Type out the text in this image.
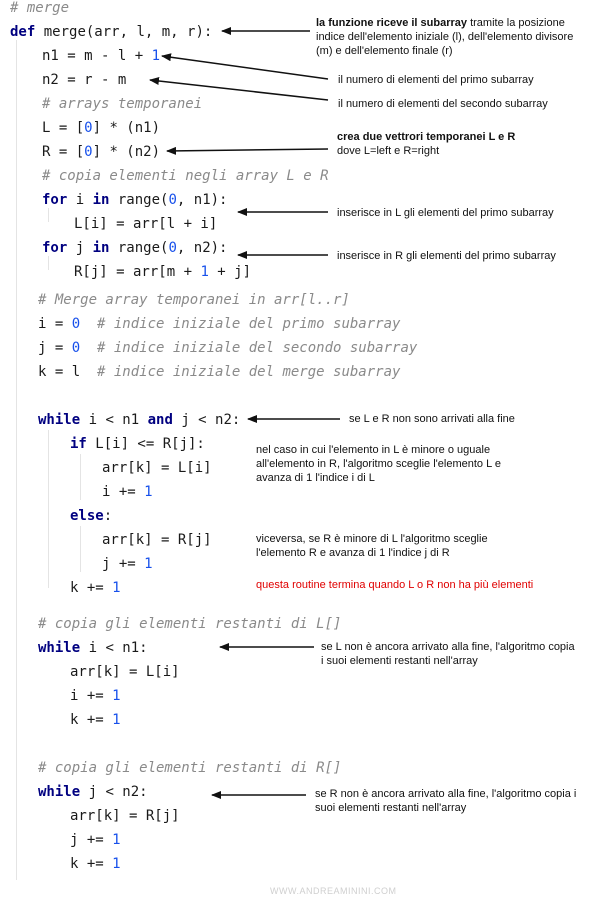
# merge
def merge(arr, l, m, r):
n1 = m - l + 1
n2 = r - m
# arrays temporanei
L = [0] * (n1)
R = [0] * (n2)
# copia elementi negli array L e R
for i in range(0, n1):
L[i] = arr[l + i]
for j in range(0, n2):
R[j] = arr[m + 1 + j]
# Merge array temporanei in arr[l..r]
i = 0  # indice iniziale del primo subarray
j = 0  # indice iniziale del secondo subarray
k = l  # indice iniziale del merge subarray
while i < n1 and j < n2:
if L[i] <= R[j]:
arr[k] = L[i]
i += 1
else:
arr[k] = R[j]
j += 1
k += 1
# copia gli elementi restanti di L[]
while i < n1:
arr[k] = L[i]
i += 1
k += 1
# copia gli elementi restanti di R[]
while j < n2:
arr[k] = R[j]
j += 1
k += 1
la funzione riceve il subarray tramite la posizione indice dell'elemento iniziale (l), dell'elemento divisore (m) e dell'elemento finale (r)
il numero di elementi del primo subarray
il numero di elementi del secondo subarray
crea due vettrori temporanei L e R
dove L=left e R=right
inserisce in L gli elementi del primo subarray
inserisce in R gli elementi del primo subarray
se L e R non sono arrivati alla fine
nel caso in cui l'elemento in L è minore o uguale all'elemento in R, l'algoritmo sceglie l'elemento L e avanza di 1 l'indice i di L
viceversa, se R è minore di L l'algoritmo sceglie l'elemento R e avanza di 1 l'indice j di R
questa routine termina quando L o R non ha più elementi
se L non è ancora arrivato alla fine, l'algoritmo copia i suoi elementi restanti nell'array
se R non è ancora arrivato alla fine, l'algoritmo copia i suoi elementi restanti nell'array
WWW.ANDREAMININI.COM
